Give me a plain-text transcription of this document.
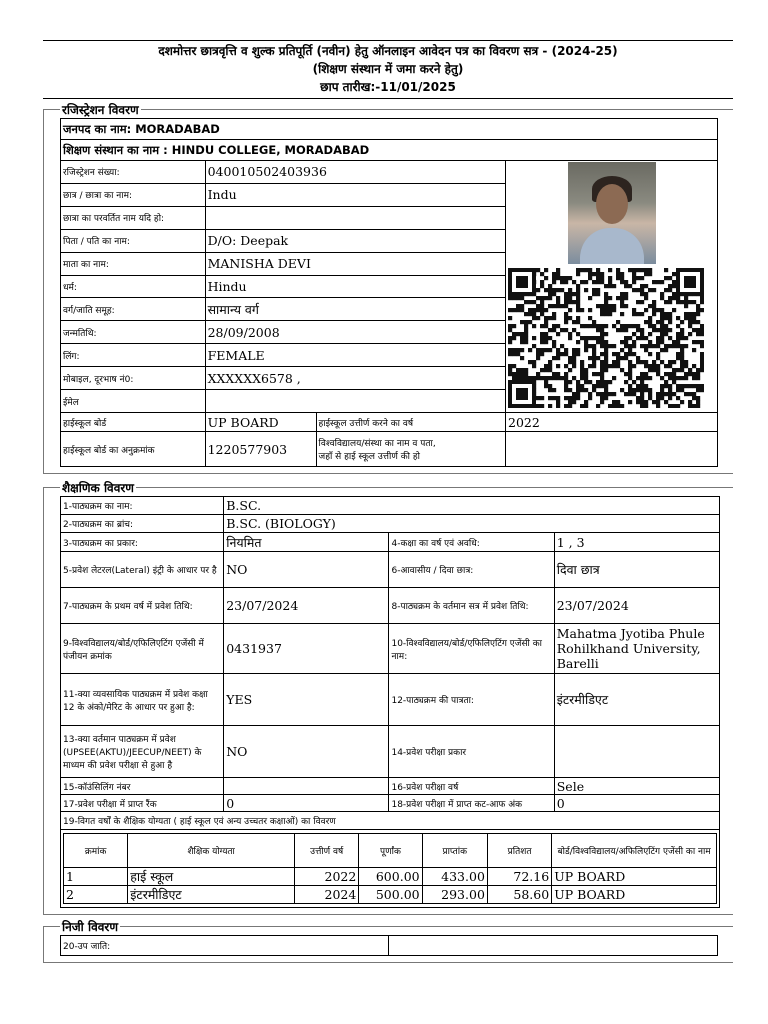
दशमोत्तर छात्रवृत्ति व शुल्क प्रतिपूर्ति (नवीन) हेतु ऑनलाइन आवेदन पत्र का विवरण सत्र - (2024-25)
(शिक्षण संस्थान में जमा करने हेतु)
छाप तारीख:-11/01/2025
रजिस्ट्रेशन विवरण
जनपद का नाम: MORADABAD			
शिक्षण संस्थान का नाम : HINDU COLLEGE, MORADABAD			
रजिस्ट्रेशन संख्या:	040010502403936	

छात्र / छात्रा का नाम:	Indu		
छात्रा का परवर्तित नाम यदि हो:			
पिता / पति का नाम:	D/O: Deepak		
माता का नाम:	MANISHA DEVI		
धर्म:	Hindu		
वर्ग/जाति समूह:	सामान्य वर्ग		
जन्मतिथि:	28/09/2008		
लिंग:	FEMALE		
मोबाइल, दूरभाष नं0:	XXXXXX6578 ,		
ईमेल			
हाईस्कूल बोर्ड	UP BOARD	हाईस्कूल उत्तीर्ण करने का वर्ष	2022
हाईस्कूल बोर्ड का अनुक्रमांक	1220577903	विश्वविद्यालय/संस्था का नाम व पता,
जहाँ से हाई स्कूल उत्तीर्ण की हो	

शैक्षणिक विवरण
1-पाठ्यक्रम का नाम:	B.SC.
2-पाठ्यक्रम का ब्रांच:	B.SC. (BIOLOGY)
3-पाठ्यक्रम का प्रकार:	नियमित	4-कक्षा का वर्ष एवं अवधि:	1 , 3
5-प्रवेश लेटरल(Lateral) इंट्री के आधार पर है	NO	6-आवासीय / दिवा छात्र:	दिवा छात्र
7-पाठ्यक्रम के प्रथम वर्ष में प्रवेश तिथि:	23/07/2024	8-पाठ्यक्रम के वर्तमान सत्र में प्रवेश तिथि:	23/07/2024
9-विश्वविद्यालय/बोर्ड/एफिलिएटिंग एजेंसी में पंजीयन क्रमांक	0431937	10-विश्वविद्यालय/बोर्ड/एफिलिएटिंग एजेंसी का नाम:	Mahatma Jyotiba Phule Rohilkhand University, Barelli
11-क्या व्यवसायिक पाठ्यक्रम में प्रवेश कक्षा 12 के अंको/मेरिट के आधार पर हुआ है:	YES	12-पाठ्यक्रम की पात्रता:	इंटरमीडिएट
13-क्या वर्तमान पाठ्यक्रम में प्रवेश (UPSEE(AKTU)/JEECUP/NEET) के माध्यम की प्रवेश परीक्षा से हुआ है	NO	14-प्रवेश परीक्षा प्रकार	
15-कॉउंसिलिंग नंबर		16-प्रवेश परीक्षा वर्ष	Sele
17-प्रवेश परीक्षा में प्राप्त रैंक	0	18-प्रवेश परीक्षा में प्राप्त कट-आफ अंक	0
19-विगत वर्षों के शैक्षिक योग्यता ( हाई स्कूल एवं अन्य उच्चतर कक्षाओं) का विवरण

क्रमांक	शैक्षिक योग्यता	उत्तीर्ण वर्ष	पूर्णांक	प्राप्तांक	प्रतिशत	बोर्ड/विश्वविद्यालय/अफिलिएटिंग एजेंसी का नाम
1	हाई स्कूल	2022	600.00	433.00	72.16	UP BOARD
2	इंटरमीडिएट	2024	500.00	293.00	58.60	UP BOARD
निजी विवरण
20-उप जाति:	
